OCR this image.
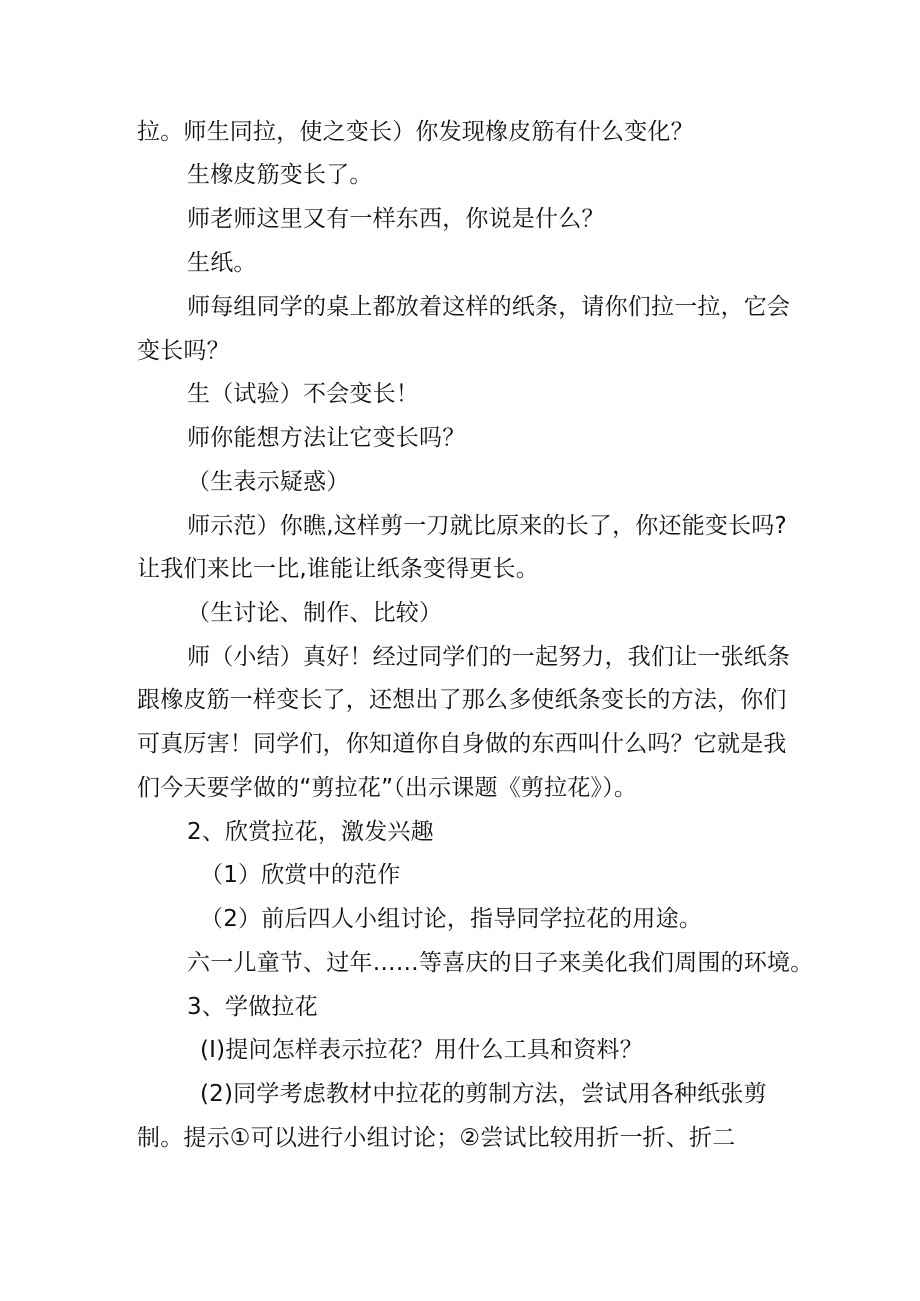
拉。师生同拉，使之变长）你发现橡皮筋有什么变化？
生橡皮筋变长了。
师老师这里又有一样东西，你说是什么？
生纸。
师每组同学的桌上都放着这样的纸条，请你们拉一拉，它会
变长吗？
生（试验）不会变长！
师你能想方法让它变长吗？
（生表示疑惑）
师示范）你瞧,这样剪一刀就比原来的长了，你还能变长吗?
让我们来比一比,谁能让纸条变得更长。
（生讨论、制作、比较）
师（小结）真好！经过同学们的一起努力，我们让一张纸条
跟橡皮筋一样变长了，还想出了那么多使纸条变长的方法，你们
可真厉害！同学们，你知道你自身做的东西叫什么吗？它就是我
们今天要学做的“剪拉花”（出示课题《剪拉花》）。
2、欣赏拉花，激发兴趣
（1）欣赏中的范作
（2）前后四人小组讨论，指导同学拉花的用途。
六一儿童节、过年……等喜庆的日子来美化我们周围的环境。
3、学做拉花
(I)提问怎样表示拉花？用什么工具和资料？
(2)同学考虑教材中拉花的剪制方法，尝试用各种纸张剪
制。提示①可以进行小组讨论；②尝试比较用折一折、折二
